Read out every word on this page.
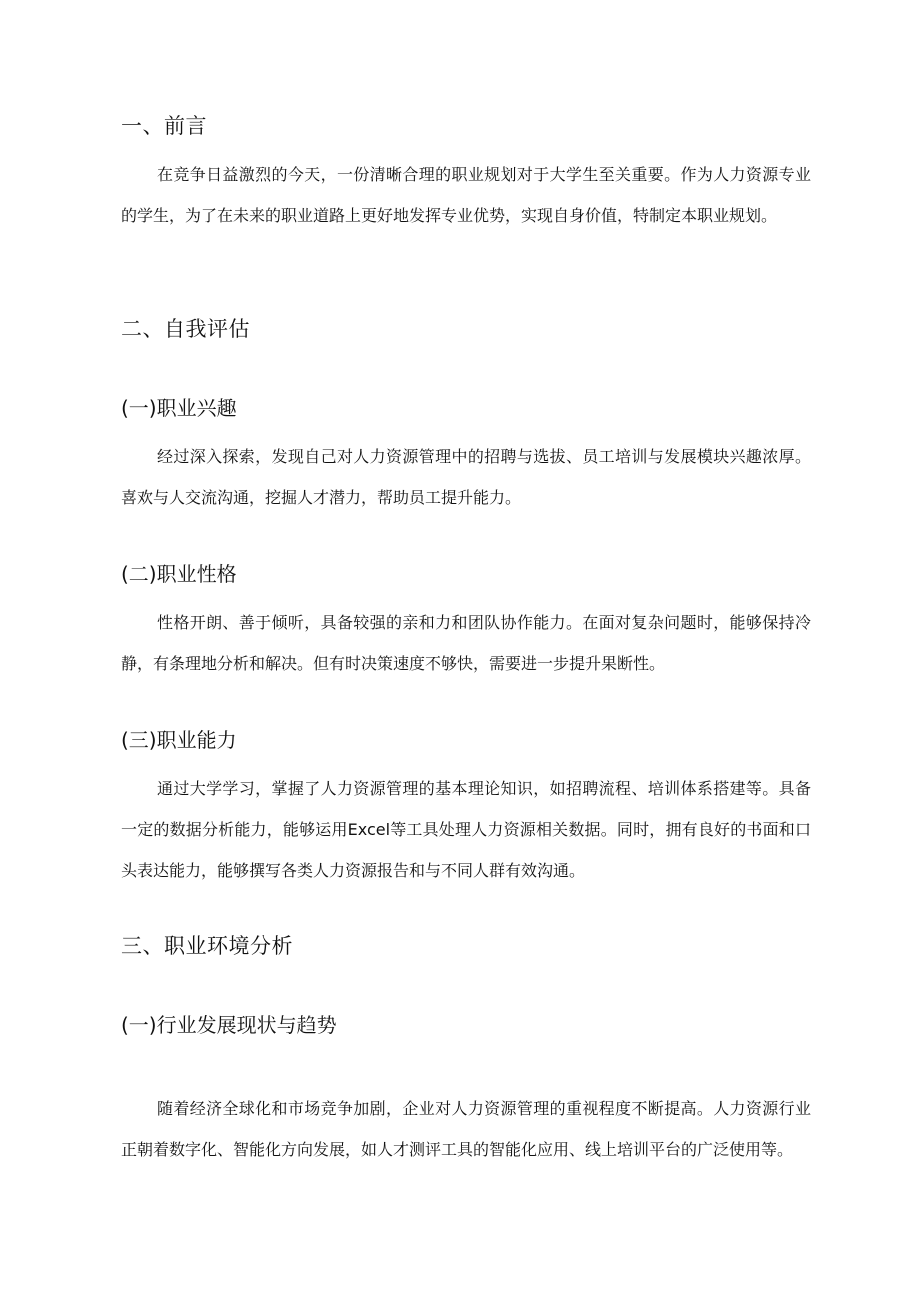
一、前言

在竞争日益激烈的今天，一份清晰合理的职业规划对于大学生至关重要。作为人力资源专业的学生，为了在未来的职业道路上更好地发挥专业优势，实现自身价值，特制定本职业规划。

二、自我评估
(一)职业兴趣

经过深入探索，发现自己对人力资源管理中的招聘与选拔、员工培训与发展模块兴趣浓厚。喜欢与人交流沟通，挖掘人才潜力，帮助员工提升能力。

(二)职业性格

性格开朗、善于倾听，具备较强的亲和力和团队协作能力。在面对复杂问题时，能够保持冷静，有条理地分析和解决。但有时决策速度不够快，需要进一步提升果断性。

(三)职业能力

通过大学学习，掌握了人力资源管理的基本理论知识，如招聘流程、培训体系搭建等。具备一定的数据分析能力，能够运用Excel等工具处理人力资源相关数据。同时，拥有良好的书面和口头表达能力，能够撰写各类人力资源报告和与不同人群有效沟通。

三、职业环境分析
(一)行业发展现状与趋势

随着经济全球化和市场竞争加剧，企业对人力资源管理的重视程度不断提高。人力资源行业正朝着数字化、智能化方向发展，如人才测评工具的智能化应用、线上培训平台的广泛使用等。
